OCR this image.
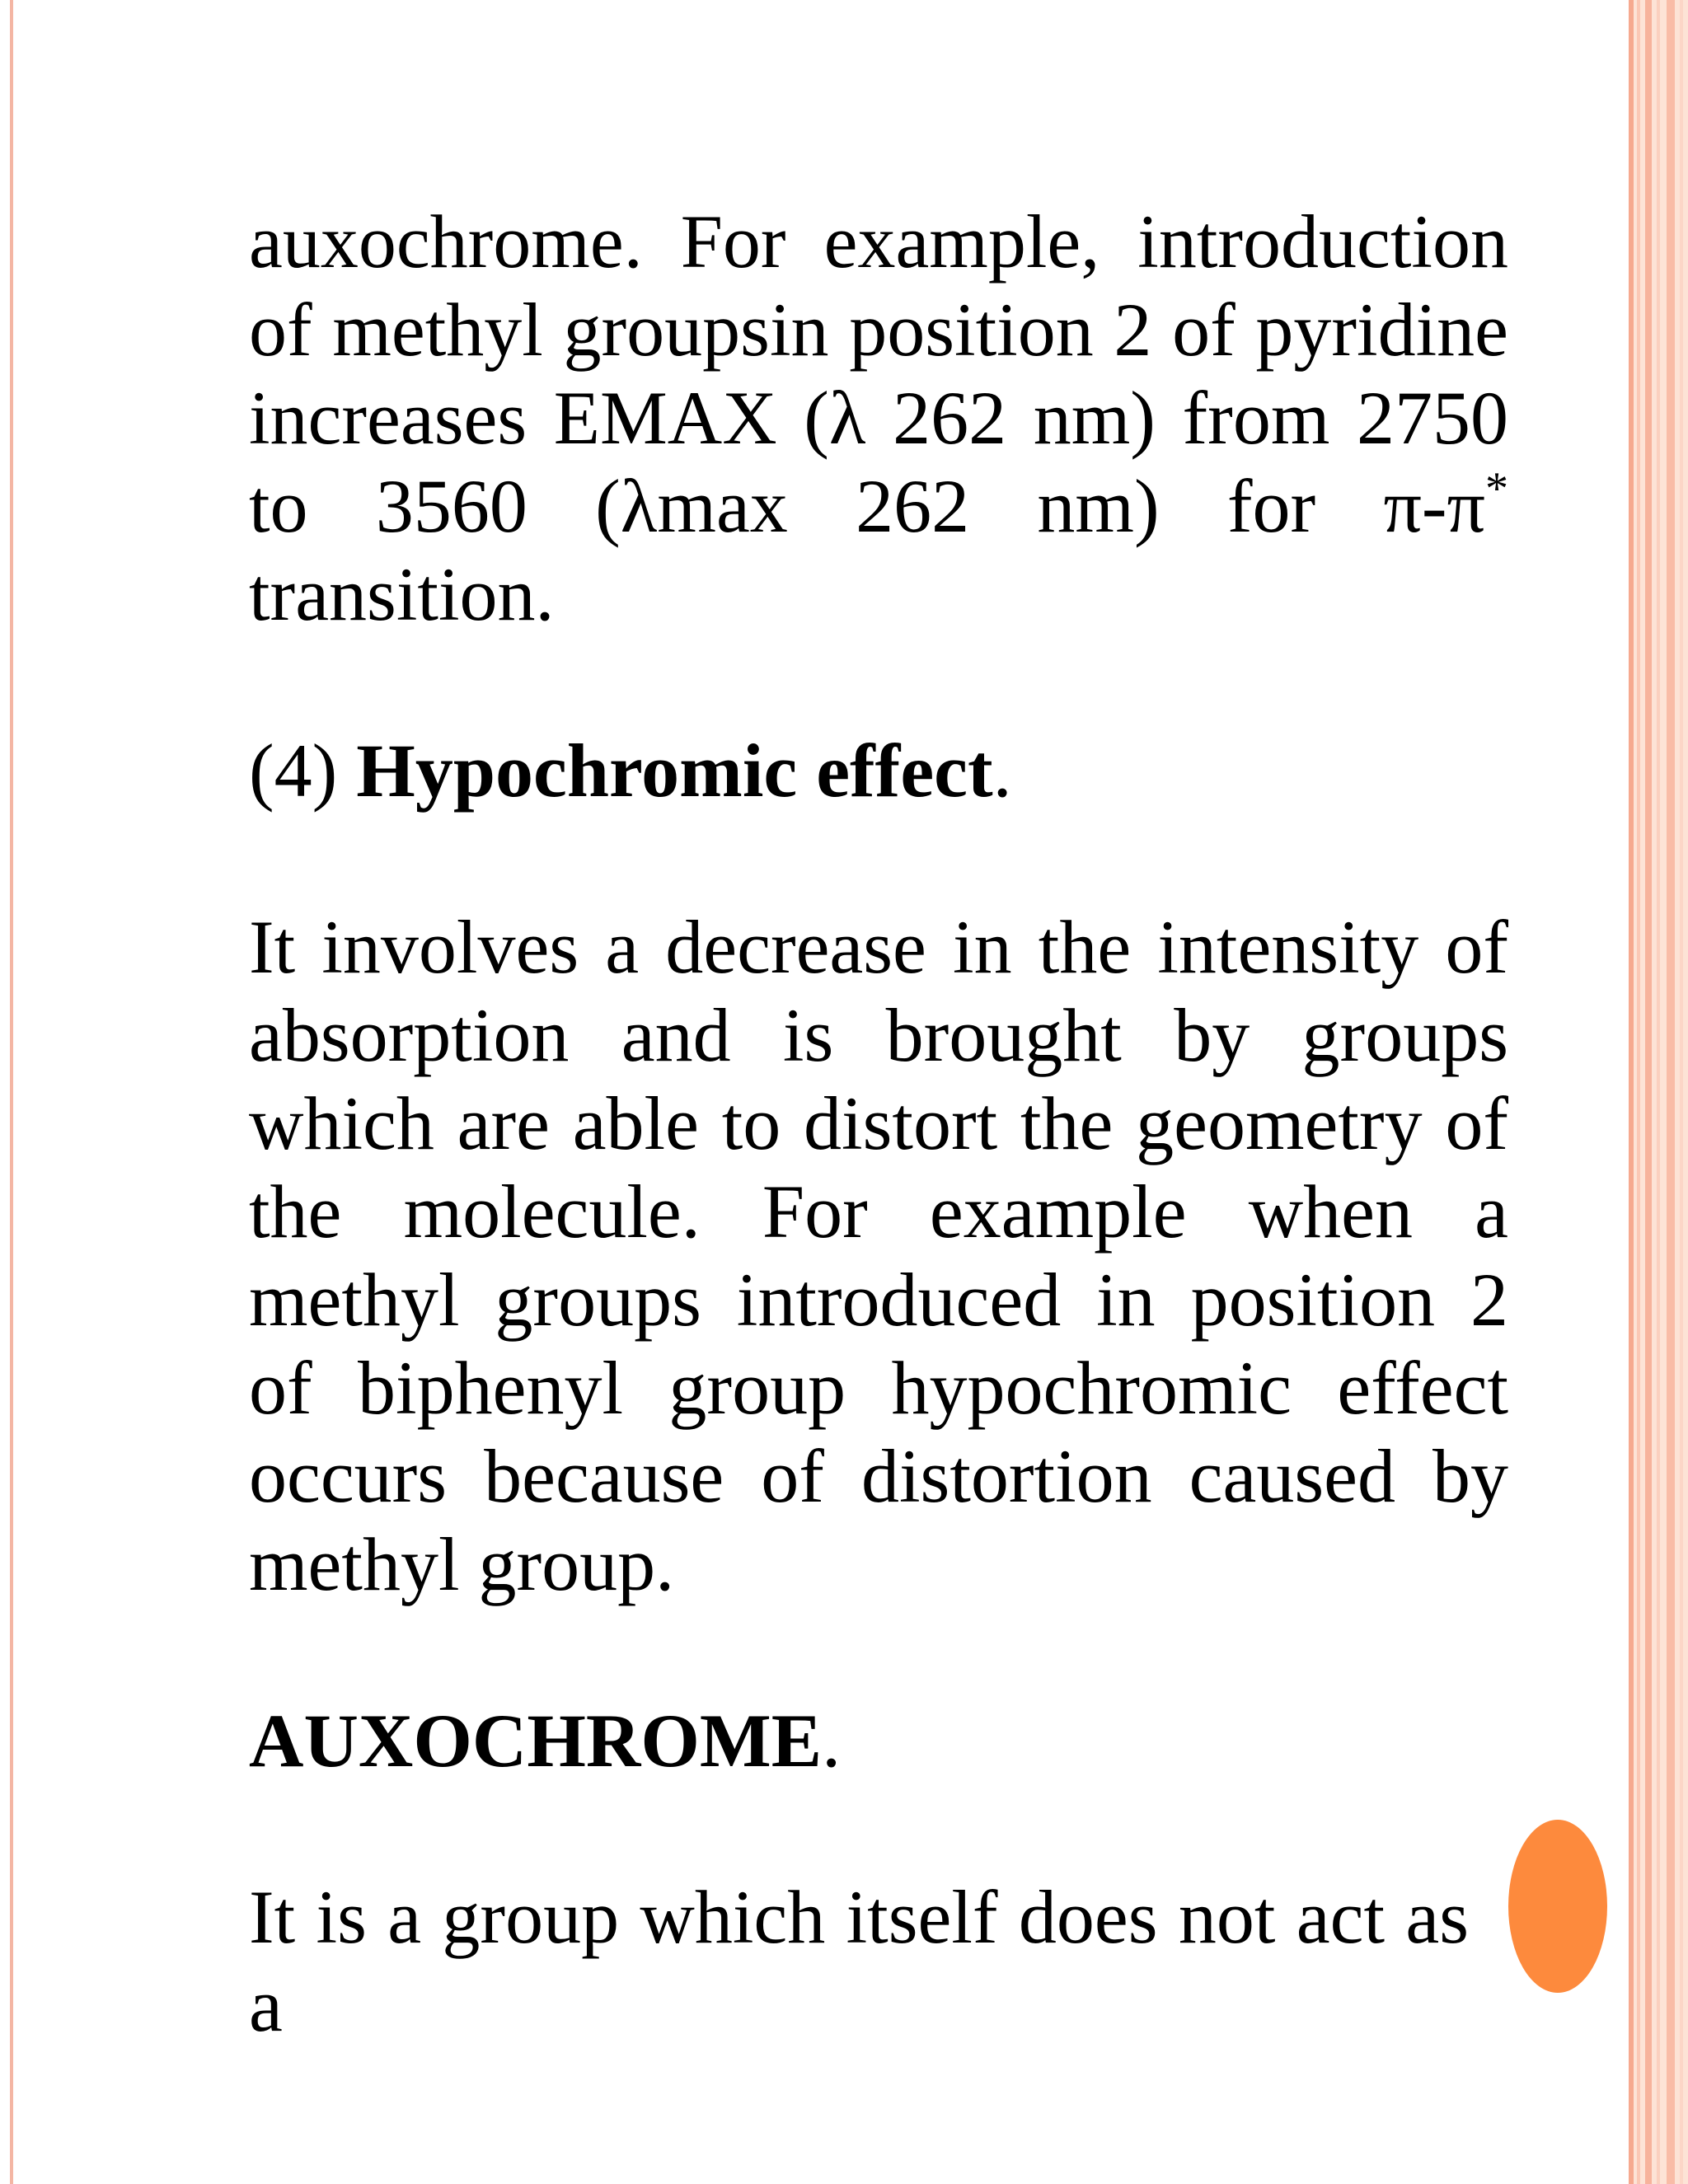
auxochrome. For example, introduction of methyl groupsin position 2 of pyridine increases EMAX (λ 262 nm) from 2750 to 3560 (λmax 262 nm) for π-π* transition.

(4) Hypochromic effect.

It involves a decrease in the intensity of absorption and is brought by groups which are able to distort the geometry of the molecule. For example when a methyl groups introduced in position 2 of biphenyl group hypochromic effect occurs because of distortion caused by methyl group.

AUXOCHROME.

It is a group which itself does not act as a
